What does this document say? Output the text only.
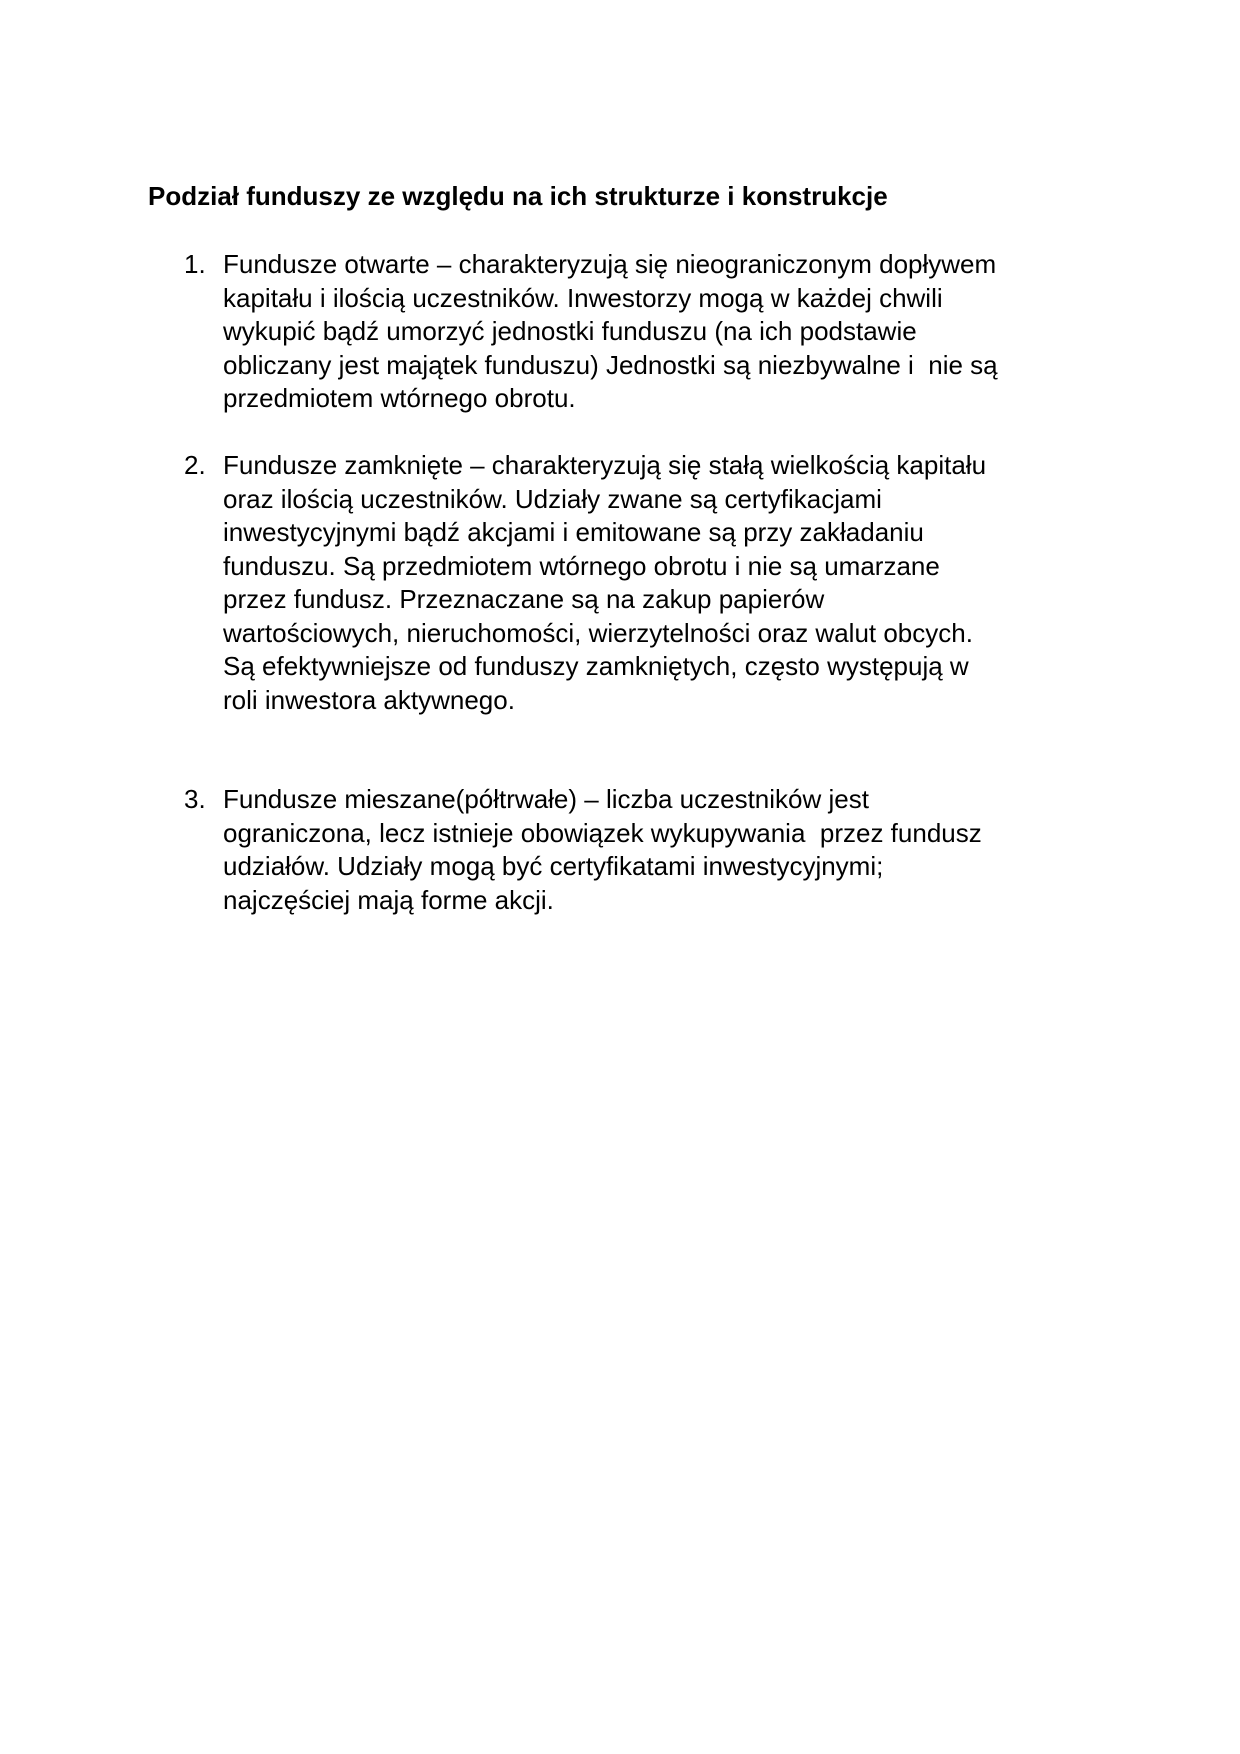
Podział funduszy ze względu na ich strukturze i konstrukcje
1. Fundusze otwarte – charakteryzują się nieograniczonym dopływem
kapitału i ilością uczestników. Inwestorzy mogą w każdej chwili
wykupić bądź umorzyć jednostki funduszu (na ich podstawie
obliczany jest majątek funduszu) Jednostki są niezbywalne i  nie są
przedmiotem wtórnego obrotu.
2. Fundusze zamknięte – charakteryzują się stałą wielkością kapitału
oraz ilością uczestników. Udziały zwane są certyfikacjami
inwestycyjnymi bądź akcjami i emitowane są przy zakładaniu
funduszu. Są przedmiotem wtórnego obrotu i nie są umarzane
przez fundusz. Przeznaczane są na zakup papierów
wartościowych, nieruchomości, wierzytelności oraz walut obcych.
Są efektywniejsze od funduszy zamkniętych, często występują w
roli inwestora aktywnego.
3. Fundusze mieszane(półtrwałe) – liczba uczestników jest
ograniczona, lecz istnieje obowiązek wykupywania  przez fundusz
udziałów. Udziały mogą być certyfikatami inwestycyjnymi;
najczęściej mają forme akcji.
